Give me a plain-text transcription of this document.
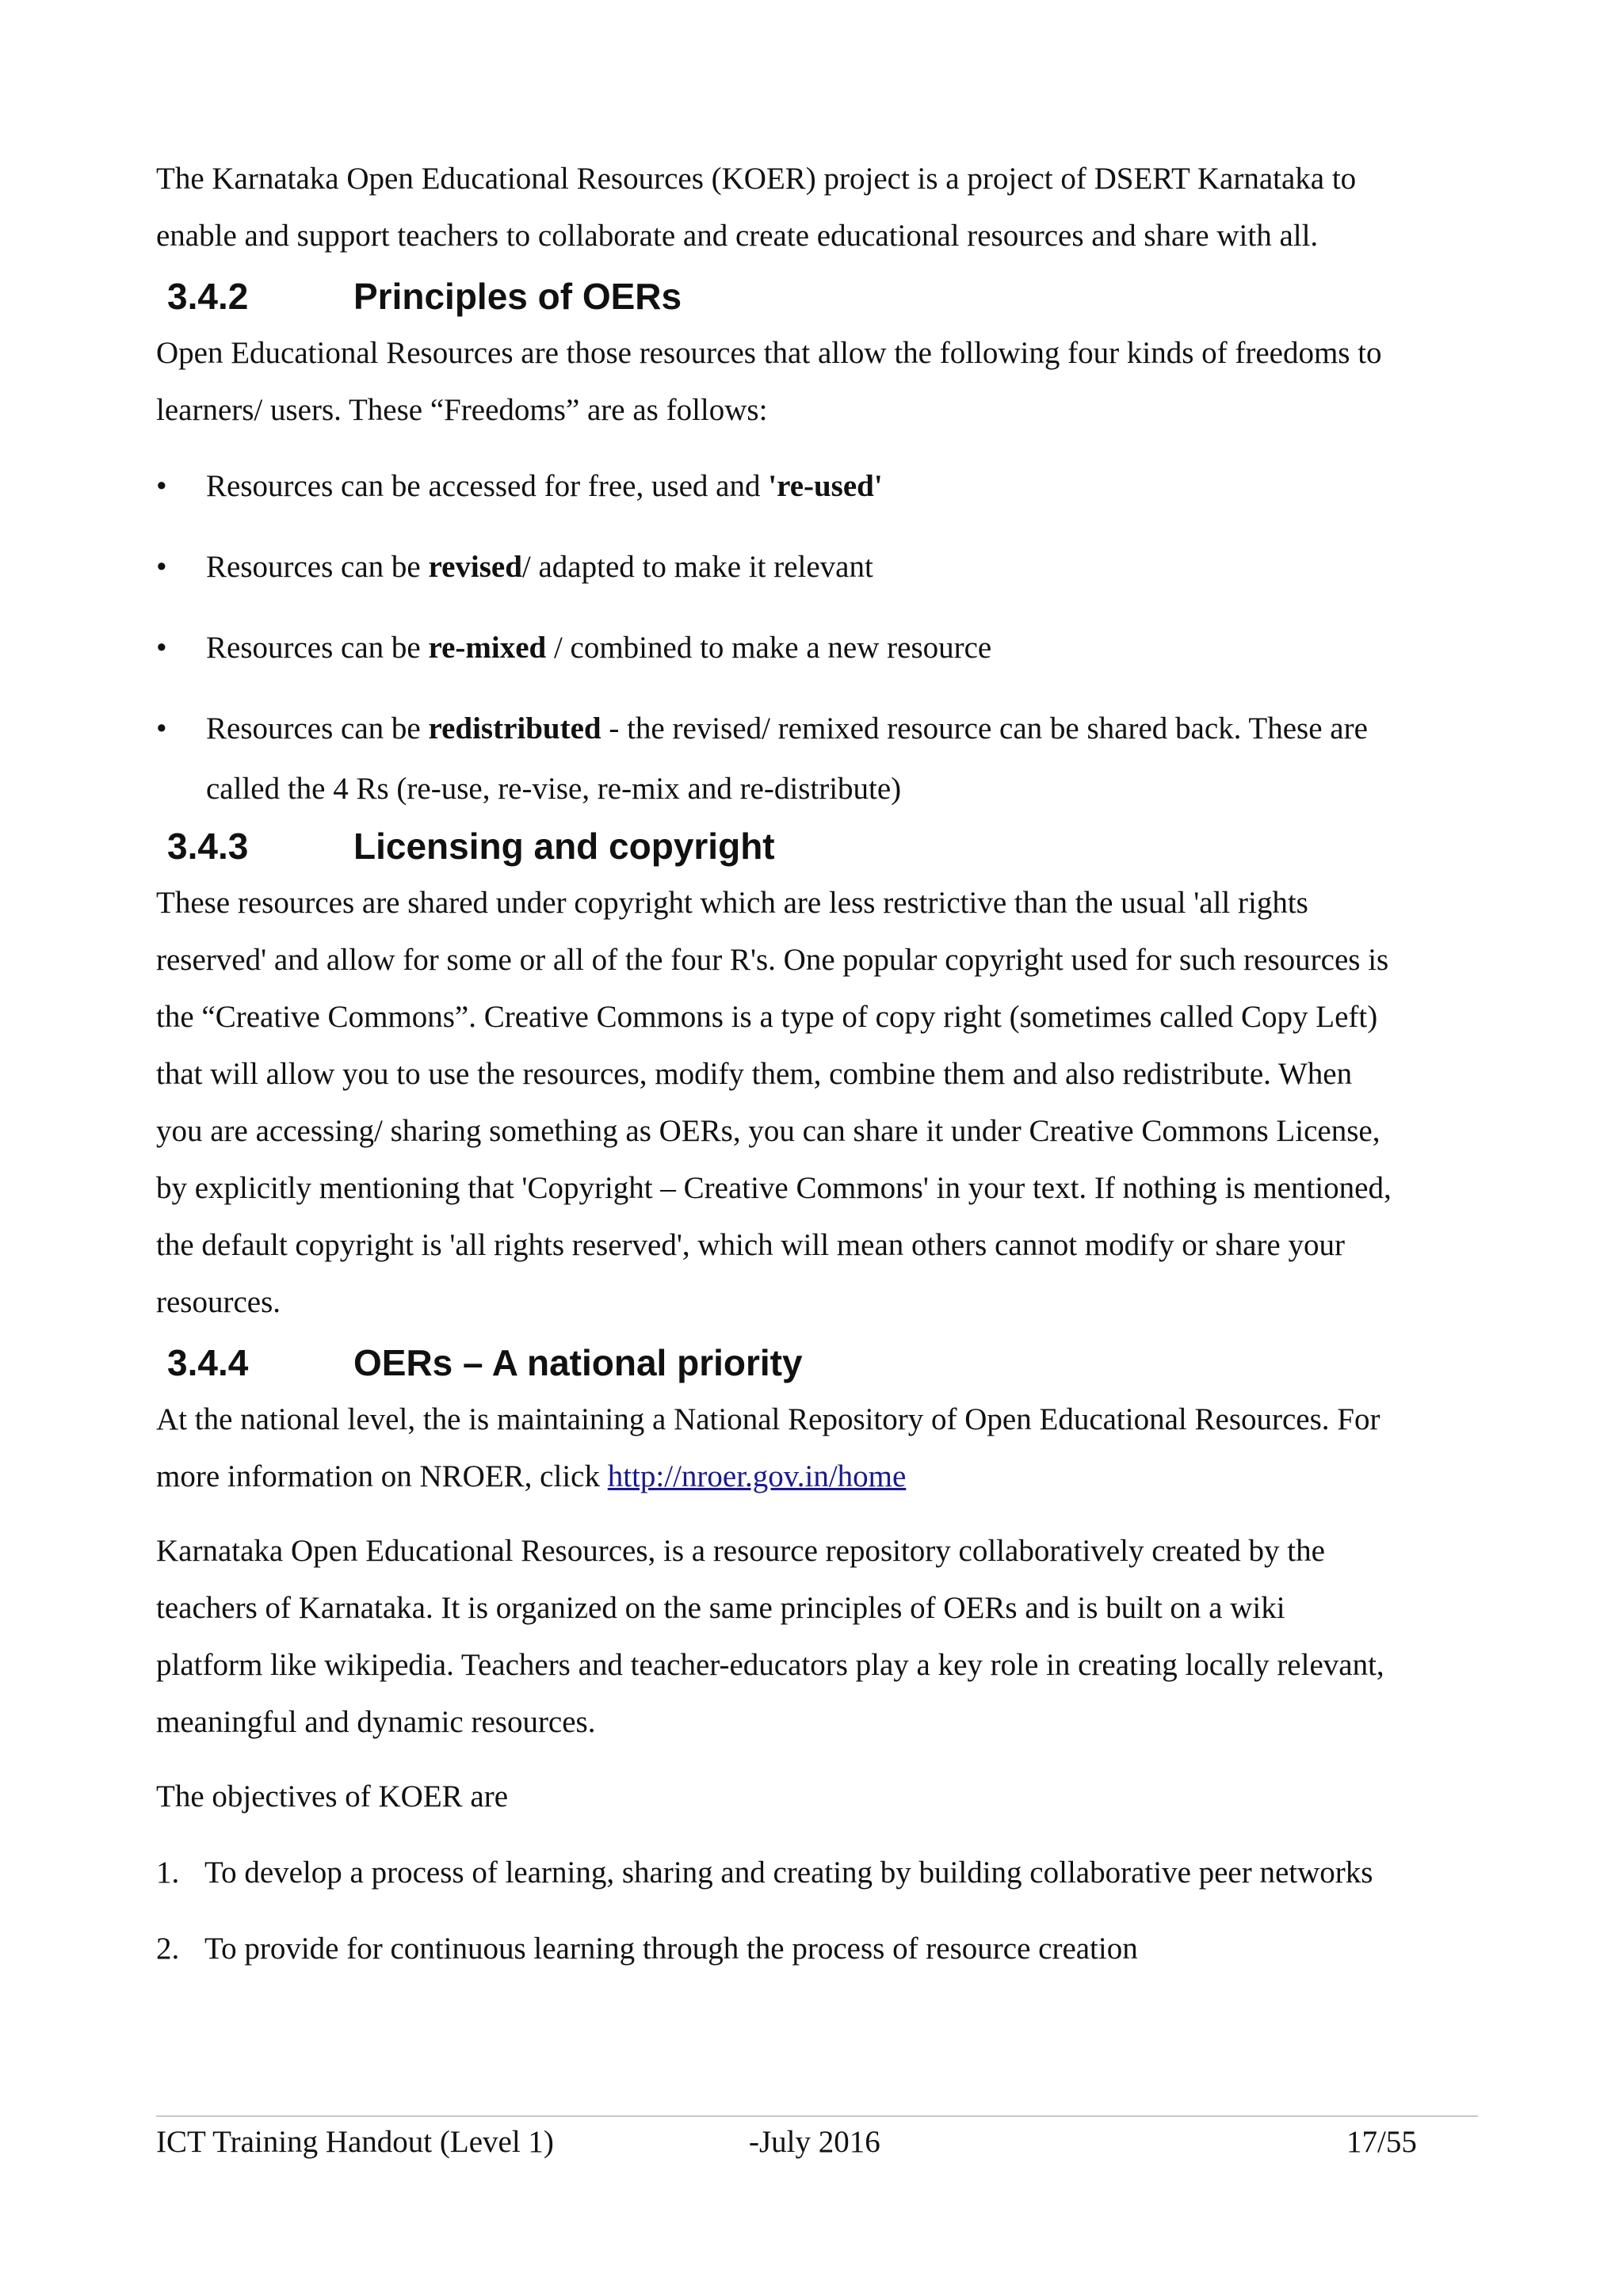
The Karnataka Open Educational Resources (KOER) project is a project of DSERT Karnataka to

enable and support teachers to collaborate and create educational resources and share with all.

3.4.2	Principles of OERs

Open Educational Resources are those resources that allow the following four kinds of freedoms to

learners/ users. These “Freedoms” are as follows:

• Resources can be accessed for free, used and 're-used'
• Resources can be revised/ adapted to make it relevant
• Resources can be re-mixed / combined to make a new resource
• Resources can be redistributed - the revised/ remixed resource can be shared back. These are
called the 4 Rs (re-use, re-vise, re-mix and re-distribute)
3.4.3	Licensing and copyright

These resources are shared under copyright which are less restrictive than the usual 'all rights

reserved' and allow for some or all of the four R's. One popular copyright used for such resources is

the “Creative Commons”. Creative Commons is a type of copy right (sometimes called Copy Left)

that will allow you to use the resources, modify them, combine them and also redistribute. When

you are accessing/ sharing something as OERs, you can share it under Creative Commons License,

by explicitly mentioning that 'Copyright – Creative Commons' in your text. If nothing is mentioned,

the default copyright is 'all rights reserved', which will mean others cannot modify or share your

resources.

3.4.4	OERs – A national priority

At the national level, the is maintaining a National Repository of Open Educational Resources. For

more information on NROER, click http://nroer.gov.in/home

Karnataka Open Educational Resources, is a resource repository collaboratively created by the

teachers of Karnataka. It is organized on the same principles of OERs and is built on a wiki

platform like wikipedia. Teachers and teacher-educators play a key role in creating locally relevant,

meaningful and dynamic resources.

The objectives of KOER are

1. To develop a process of learning, sharing and creating by building collaborative peer networks
2. To provide for continuous learning through the process of resource creation
ICT Training Handout (Level 1)	-July 2016	17/55
